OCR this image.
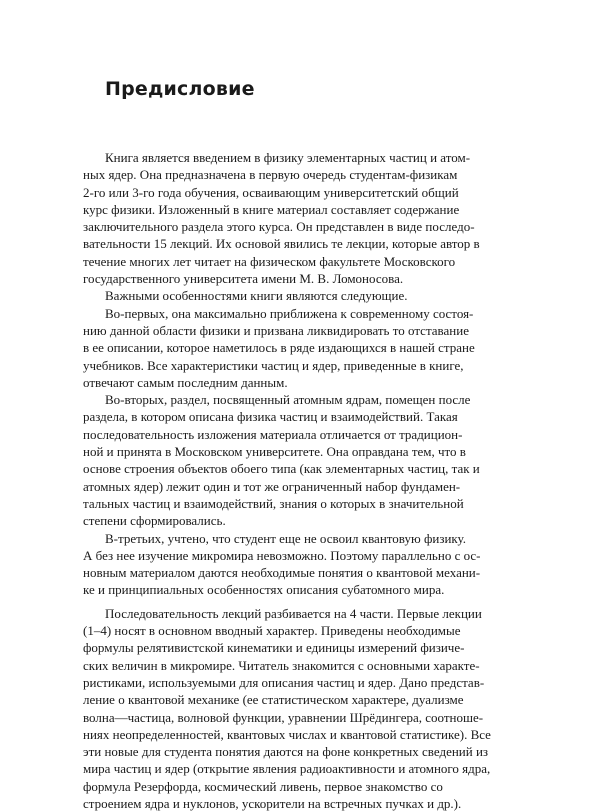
Предисловие
Книга является введением в физику элементарных частиц и атом-
ных ядер. Она предназначена в первую очередь студентам-физикам
2-го или 3-го года обучения, осваивающим университетский общий
курс физики. Изложенный в книге материал составляет содержание
заключительного раздела этого курса. Он представлен в виде последо-
вательности 15 лекций. Их основой явились те лекции, которые автор в
течение многих лет читает на физическом факультете Московского
государственного университета имени М. В. Ломоносова.
Важными особенностями книги являются следующие.
Во-первых, она максимально приближена к современному состоя-
нию данной области физики и призвана ликвидировать то отставание
в ее описании, которое наметилось в ряде издающихся в нашей стране
учебников. Все характеристики частиц и ядер, приведенные в книге,
отвечают самым последним данным.
Во-вторых, раздел, посвященный атомным ядрам, помещен после
раздела, в котором описана физика частиц и взаимодействий. Такая
последовательность изложения материала отличается от традицион-
ной и принята в Московском университете. Она оправдана тем, что в
основе строения объектов обоего типа (как элементарных частиц, так и
атомных ядер) лежит один и тот же ограниченный набор фундамен-
тальных частиц и взаимодействий, знания о которых в значительной
степени сформировались.
В-третьих, учтено, что студент еще не освоил квантовую физику.
А без нее изучение микромира невозможно. Поэтому параллельно с ос-
новным материалом даются необходимые понятия о квантовой механи-
ке и принципиальных особенностях описания субатомного мира.
Последовательность лекций разбивается на 4 части. Первые лекции
(1–4) носят в основном вводный характер. Приведены необходимые
формулы релятивистской кинематики и единицы измерений физиче-
ских величин в микромире. Читатель знакомится с основными характе-
ристиками, используемыми для описания частиц и ядер. Дано представ-
ление о квантовой механике (ее статистическом характере, дуализме
волна—частица, волновой функции, уравнении Шрёдингера, соотноше-
ниях неопределенностей, квантовых числах и квантовой статистике). Все
эти новые для студента понятия даются на фоне конкретных сведений из
мира частиц и ядер (открытие явления радиоактивности и атомного ядра,
формула Резерфорда, космический ливень, первое знакомство со
строением ядра и нуклонов, ускорители на встречных пучках и др.).
